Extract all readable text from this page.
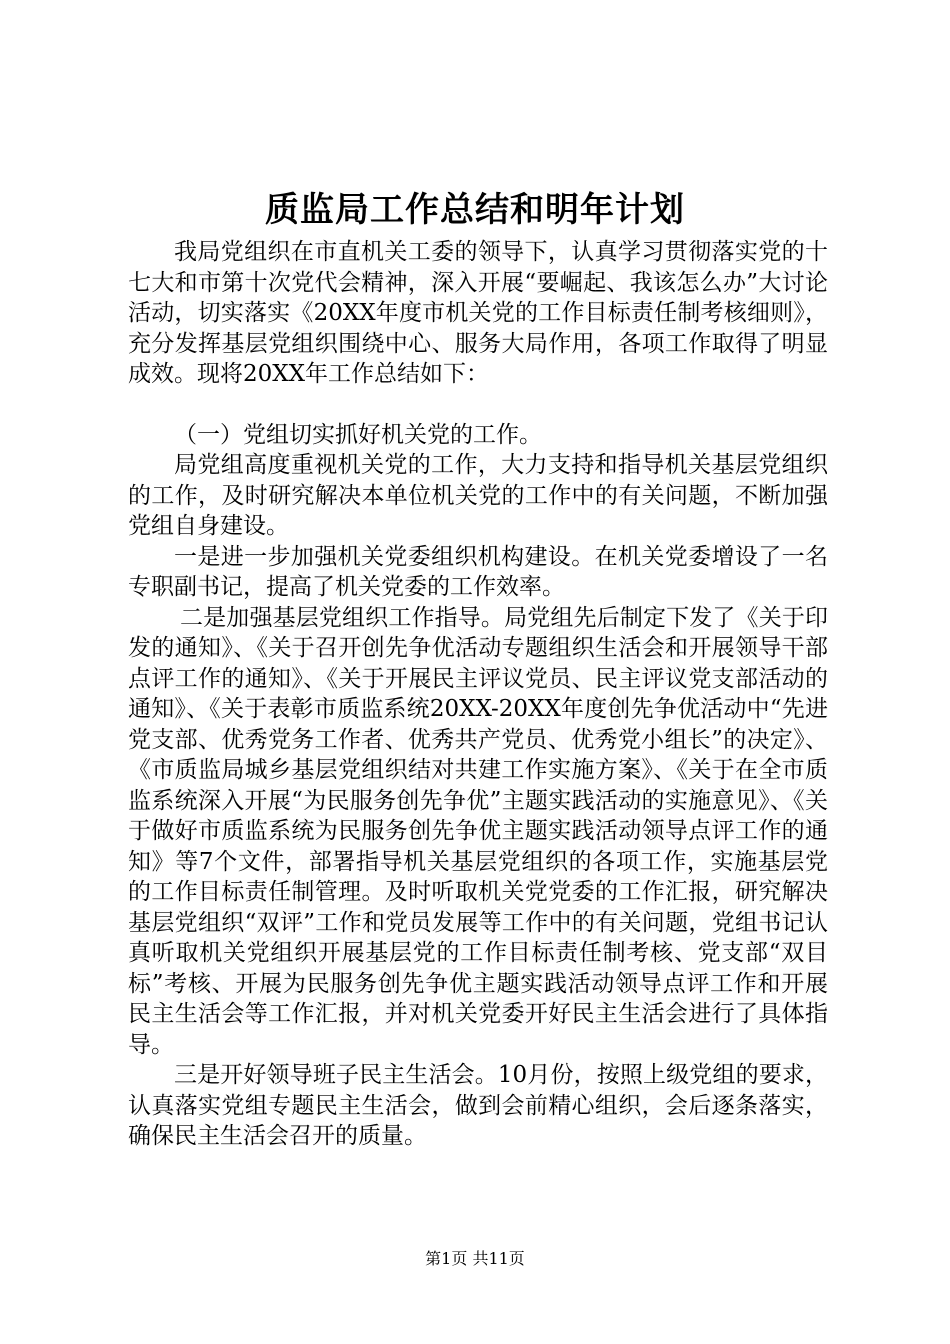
质监局工作总结和明年计划

我局党组织在市直机关工委的领导下，认真学习贯彻落实党的十七大和市第十次党代会精神，深入开展“要崛起、我该怎么办”大讨论活动，切实落实《20XX年度市机关党的工作目标责任制考核细则》，充分发挥基层党组织围绕中心、服务大局作用，各项工作取得了明显成效。现将20XX年工作总结如下：

（一）党组切实抓好机关党的工作。

局党组高度重视机关党的工作，大力支持和指导机关基层党组织的工作，及时研究解决本单位机关党的工作中的有关问题，不断加强党组自身建设。

一是进一步加强机关党委组织机构建设。在机关党委增设了一名专职副书记，提高了机关党委的工作效率。

二是加强基层党组织工作指导。局党组先后制定下发了《关于印发的通知》、《关于召开创先争优活动专题组织生活会和开展领导干部点评工作的通知》、《关于开展民主评议党员、民主评议党支部活动的通知》、《关于表彰市质监系统20XX-20XX年度创先争优活动中“先进党支部、优秀党务工作者、优秀共产党员、优秀党小组长”的决定》、《市质监局城乡基层党组织结对共建工作实施方案》、《关于在全市质监系统深入开展“为民服务创先争优”主题实践活动的实施意见》、《关于做好市质监系统为民服务创先争优主题实践活动领导点评工作的通知》等7个文件，部署指导机关基层党组织的各项工作，实施基层党的工作目标责任制管理。及时听取机关党党委的工作汇报，研究解决基层党组织“双评”工作和党员发展等工作中的有关问题，党组书记认真听取机关党组织开展基层党的工作目标责任制考核、党支部“双目标”考核、开展为民服务创先争优主题实践活动领导点评工作和开展民主生活会等工作汇报，并对机关党委开好民主生活会进行了具体指导。

三是开好领导班子民主生活会。10月份，按照上级党组的要求，认真落实党组专题民主生活会，做到会前精心组织，会后逐条落实，确保民主生活会召开的质量。

第1页 共11页
